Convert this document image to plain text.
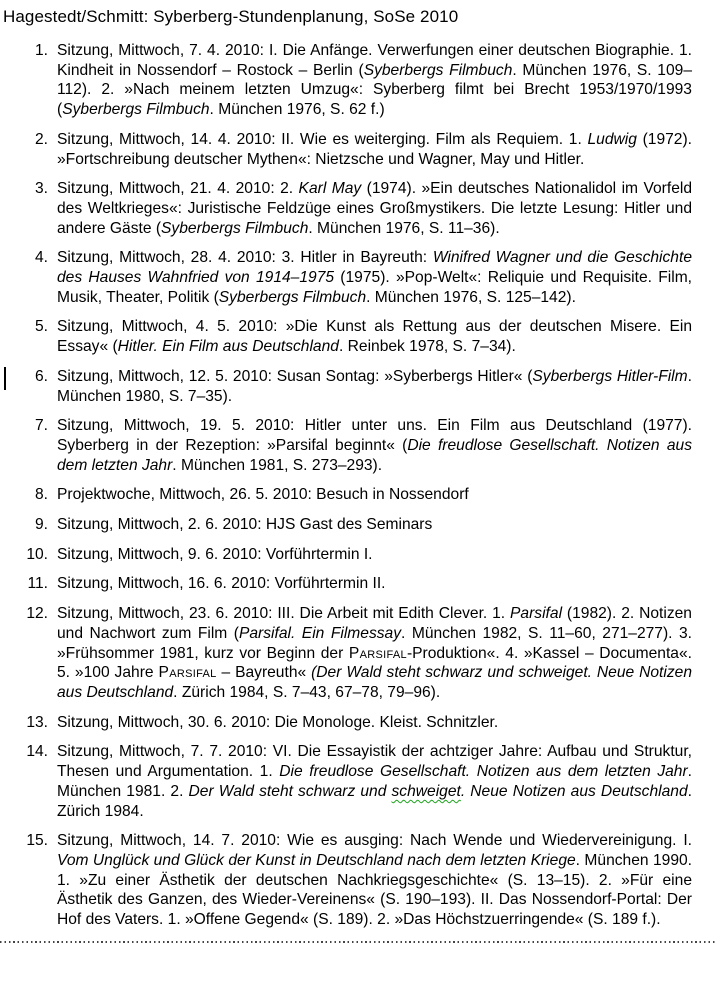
Hagestedt/Schmitt: Syberberg-Stundenplanung, SoSe 2010
1. Sitzung, Mittwoch, 7. 4. 2010: I. Die Anfänge. Verwerfungen einer deutschen Biographie. 1. Kindheit in Nossendorf – Rostock – Berlin (Syberbergs Filmbuch. München 1976, S. 109–112). 2. »Nach meinem letzten Umzug«: Syberberg filmt bei Brecht 1953/1970/1993 (Syberbergs Filmbuch. München 1976, S. 62 f.)
2. Sitzung, Mittwoch, 14. 4. 2010: II. Wie es weiterging. Film als Requiem. 1. Ludwig (1972). »Fortschreibung deutscher Mythen«: Nietzsche und Wagner, May und Hitler.
3. Sitzung, Mittwoch, 21. 4. 2010: 2. Karl May (1974). »Ein deutsches Nationalidol im Vorfeld des Weltkrieges«: Juristische Feldzüge eines Großmystikers. Die letzte Lesung: Hitler und andere Gäste (Syberbergs Filmbuch. München 1976, S. 11–36).
4. Sitzung, Mittwoch, 28. 4. 2010: 3. Hitler in Bayreuth: Winifred Wagner und die Geschichte des Hauses Wahnfried von 1914–1975 (1975). »Pop-Welt«: Reliquie und Requisite. Film, Musik, Theater, Politik (Syberbergs Filmbuch. München 1976, S. 125–142).
5. Sitzung, Mittwoch, 4. 5. 2010: »Die Kunst als Rettung aus der deutschen Misere. Ein Essay« (Hitler. Ein Film aus Deutschland. Reinbek 1978, S. 7–34).
6. Sitzung, Mittwoch, 12. 5. 2010: Susan Sontag: »Syberbergs Hitler« (Syberbergs Hitler-Film. München 1980, S. 7–35).
7. Sitzung, Mittwoch, 19. 5. 2010: Hitler unter uns. Ein Film aus Deutschland (1977). Syberberg in der Rezeption: »Parsifal beginnt« (Die freudlose Gesellschaft. Notizen aus dem letzten Jahr. München 1981, S. 273–293).
8. Projektwoche, Mittwoch, 26. 5. 2010: Besuch in Nossendorf
9. Sitzung, Mittwoch, 2. 6. 2010: HJS Gast des Seminars
10. Sitzung, Mittwoch, 9. 6. 2010: Vorführtermin I.
11. Sitzung, Mittwoch, 16. 6. 2010: Vorführtermin II.
12. Sitzung, Mittwoch, 23. 6. 2010: III. Die Arbeit mit Edith Clever. 1. Parsifal (1982). 2. Notizen und Nachwort zum Film (Parsifal. Ein Filmessay. München 1982, S. 11–60, 271–277). 3. »Frühsommer 1981, kurz vor Beginn der Parsifal-Produktion«. 4. »Kassel – Documenta«. 5. »100 Jahre Parsifal – Bayreuth« (Der Wald steht schwarz und schweiget. Neue Notizen aus Deutschland. Zürich 1984, S. 7–43, 67–78, 79–96).
13. Sitzung, Mittwoch, 30. 6. 2010: Die Monologe. Kleist. Schnitzler.
14. Sitzung, Mittwoch, 7. 7. 2010: VI. Die Essayistik der achtziger Jahre: Aufbau und Struktur, Thesen und Argumentation. 1. Die freudlose Gesellschaft. Notizen aus dem letzten Jahr. München 1981. 2. Der Wald steht schwarz und schweiget. Neue Notizen aus Deutschland. Zürich 1984.
15. Sitzung, Mittwoch, 14. 7. 2010: Wie es ausging: Nach Wende und Wiedervereinigung. I. Vom Unglück und Glück der Kunst in Deutschland nach dem letzten Kriege. München 1990. 1. »Zu einer Ästhetik der deutschen Nachkriegsgeschichte« (S. 13–15). 2. »Für eine Ästhetik des Ganzen, des Wieder-Vereinens« (S. 190–193). II. Das Nossendorf-Portal: Der Hof des Vaters. 1. »Offene Gegend« (S. 189). 2. »Das Höchstzuerringende« (S. 189 f.).
